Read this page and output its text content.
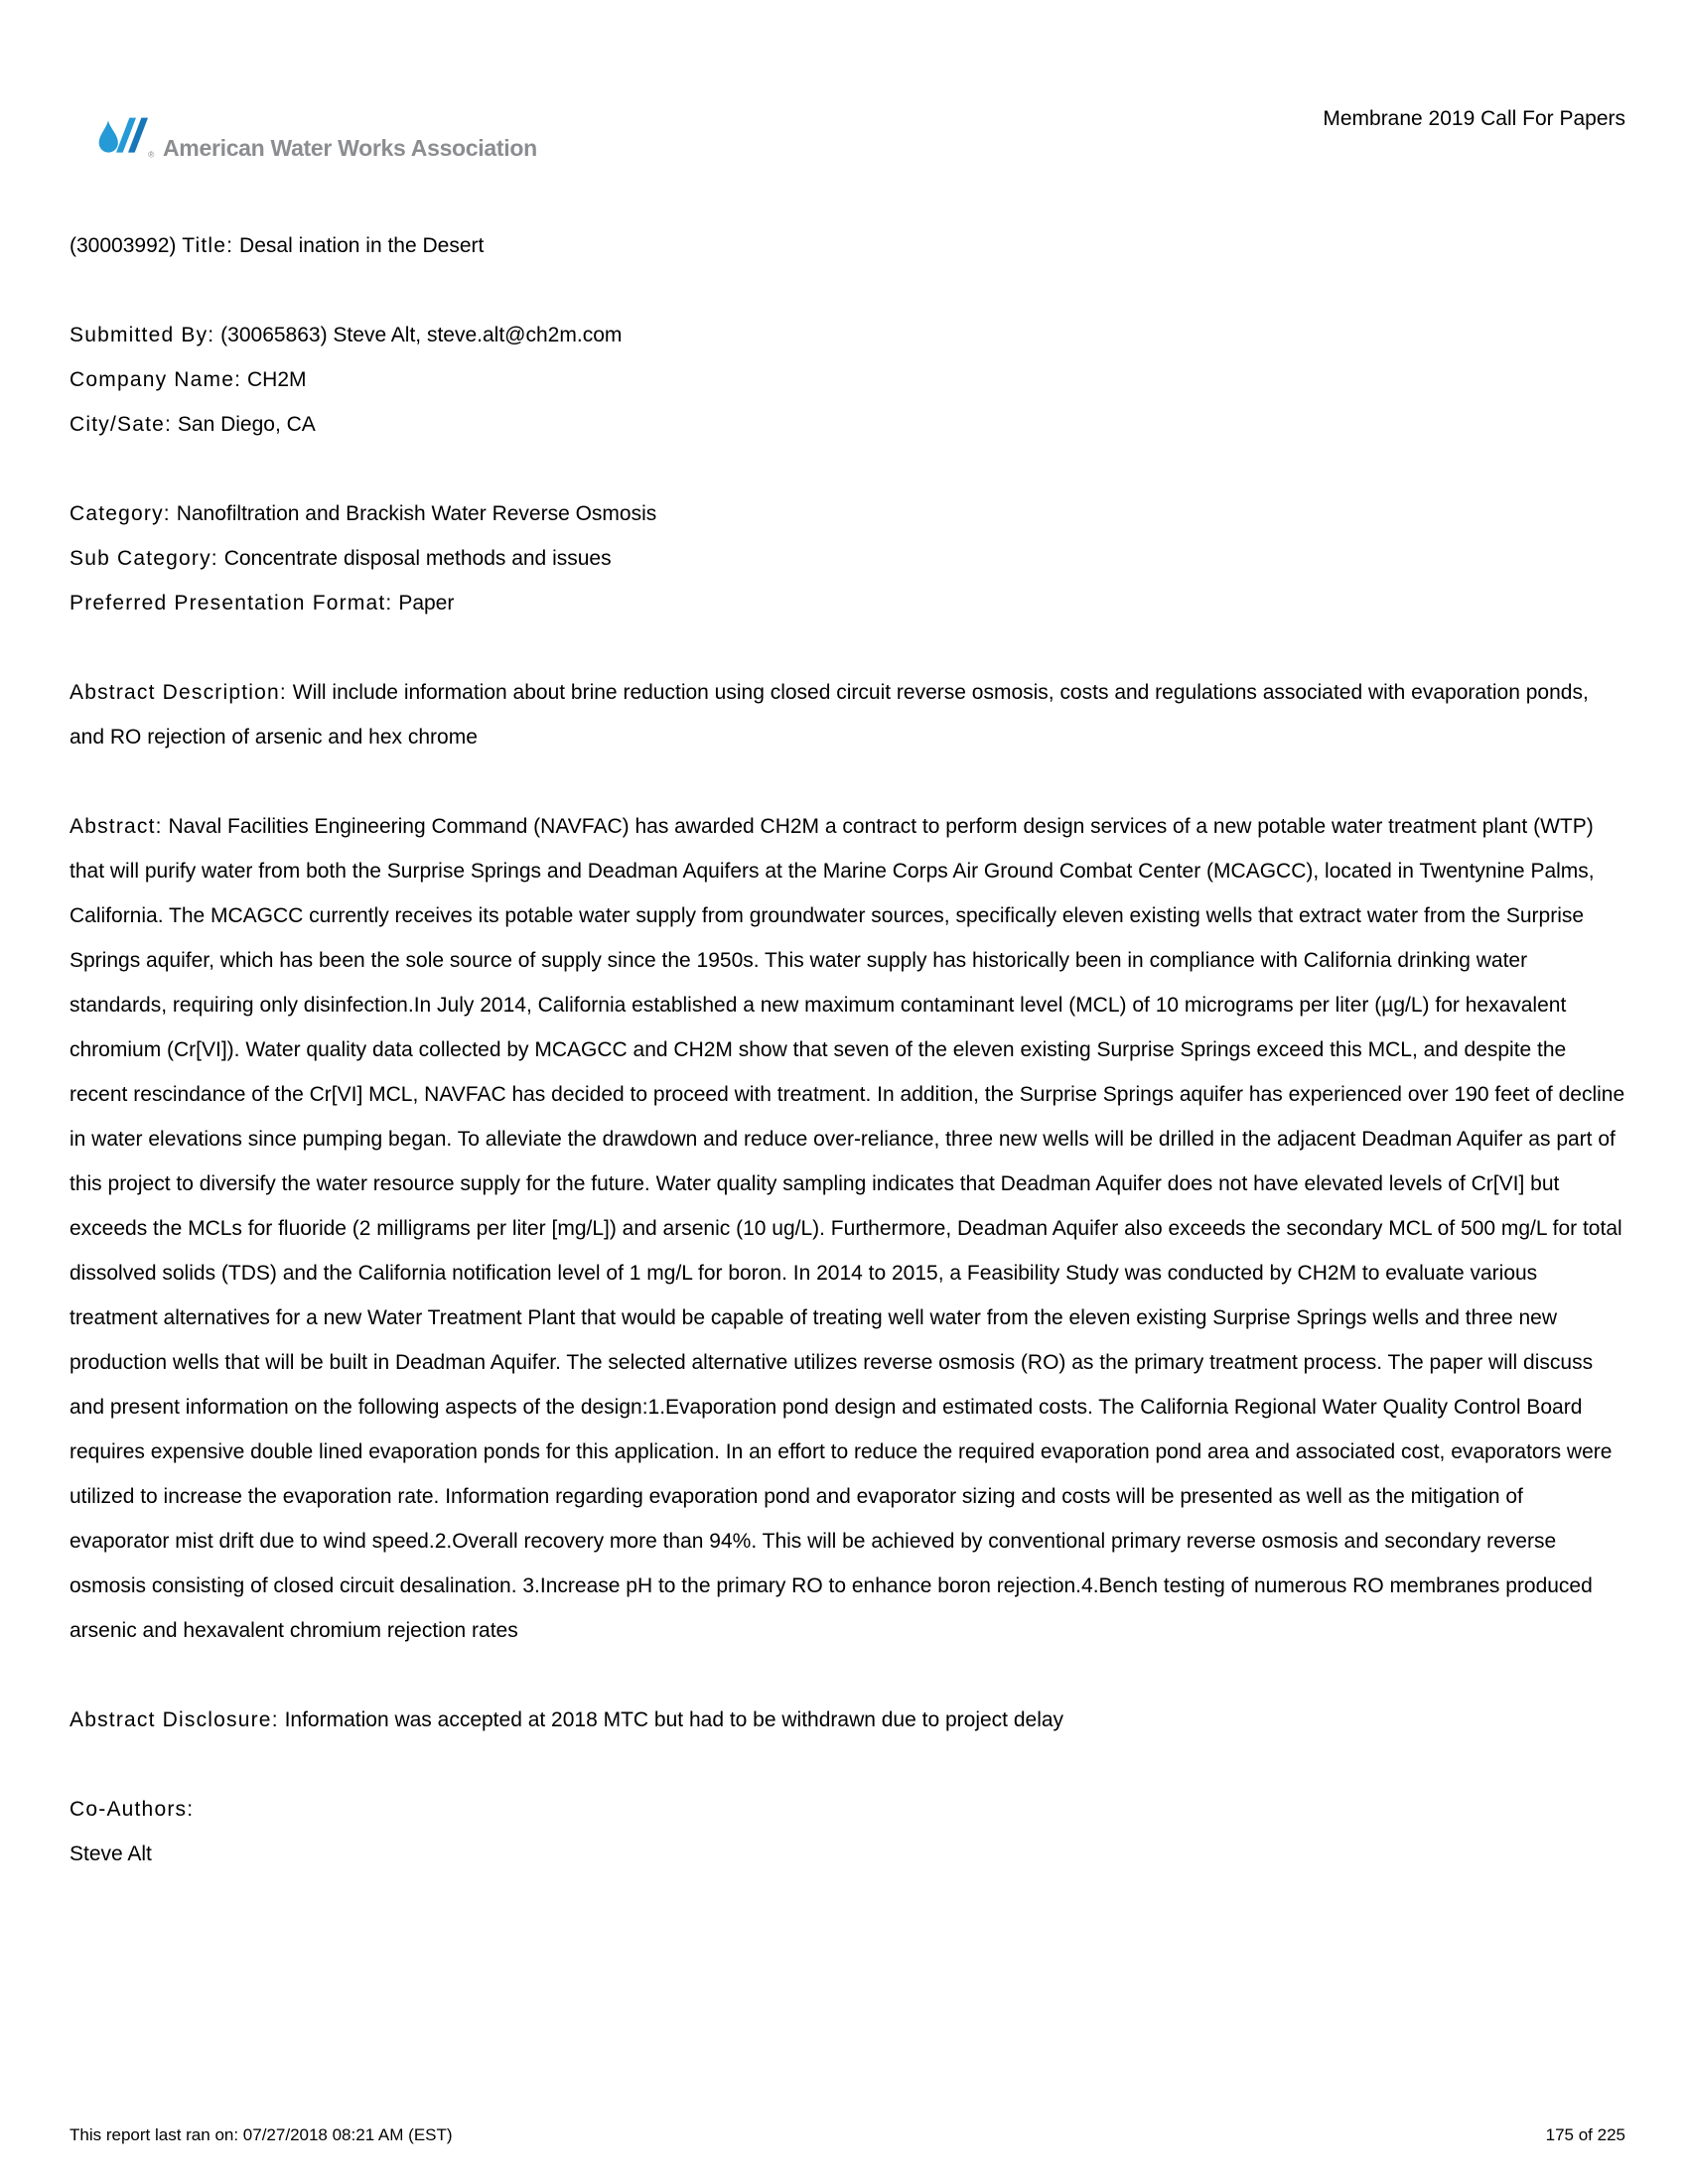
® American Water Works Association
Membrane 2019 Call For Papers
(30003992) Title: Desal ination in the Desert
Submitted By: (30065863) Steve Alt, steve.alt@ch2m.com
Company Name: CH2M
City/Sate: San Diego, CA
Category: Nanofiltration and Brackish Water Reverse Osmosis
Sub Category: Concentrate disposal methods and issues
Preferred Presentation Format: Paper

Abstract Description: Will include information about brine reduction using closed circuit reverse osmosis, costs and regulations associated with evaporation ponds, and RO rejection of arsenic and hex chrome

Abstract: Naval Facilities Engineering Command (NAVFAC) has awarded CH2M a contract to perform design services of a new potable water treatment plant (WTP) that will purify water from both the Surprise Springs and Deadman Aquifers at the Marine Corps Air Ground Combat Center (MCAGCC), located in Twentynine Palms, California. The MCAGCC currently receives its potable water supply from groundwater sources, specifically eleven existing wells that extract water from the Surprise Springs aquifer, which has been the sole source of supply since the 1950s. This water supply has historically been in compliance with California drinking water standards, requiring only disinfection.In July 2014, California established a new maximum contaminant level (MCL) of 10 micrograms per liter (µg/L) for hexavalent chromium (Cr[VI]). Water quality data collected by MCAGCC and CH2M show that seven of the eleven existing Surprise Springs exceed this MCL, and despite the recent rescindance of the Cr[VI] MCL, NAVFAC has decided to proceed with treatment. In addition, the Surprise Springs aquifer has experienced over 190 feet of decline in water elevations since pumping began. To alleviate the drawdown and reduce over-reliance, three new wells will be drilled in the adjacent Deadman Aquifer as part of this project to diversify the water resource supply for the future. Water quality sampling indicates that Deadman Aquifer does not have elevated levels of Cr[VI] but exceeds the MCLs for fluoride (2 milligrams per liter [mg/L]) and arsenic (10 ug/L). Furthermore, Deadman Aquifer also exceeds the secondary MCL of 500 mg/L for total dissolved solids (TDS) and the California notification level of 1 mg/L for boron. In 2014 to 2015, a Feasibility Study was conducted by CH2M to evaluate various treatment alternatives for a new Water Treatment Plant that would be capable of treating well water from the eleven existing Surprise Springs wells and three new production wells that will be built in Deadman Aquifer. The selected alternative utilizes reverse osmosis (RO) as the primary treatment process. The paper will discuss and present information on the following aspects of the design:1.Evaporation pond design and estimated costs. The California Regional Water Quality Control Board requires expensive double lined evaporation ponds for this application. In an effort to reduce the required evaporation pond area and associated cost, evaporators were utilized to increase the evaporation rate. Information regarding evaporation pond and evaporator sizing and costs will be presented as well as the mitigation of evaporator mist drift due to wind speed.2.Overall recovery more than 94%. This will be achieved by conventional primary reverse osmosis and secondary reverse osmosis consisting of closed circuit desalination. 3.Increase pH to the primary RO to enhance boron rejection.4.Bench testing of numerous RO membranes produced arsenic and hexavalent chromium rejection rates

Abstract Disclosure: Information was accepted at 2018 MTC but had to be withdrawn due to project delay

Co-Authors:
Steve Alt
This report last ran on: 07/27/2018 08:21 AM (EST)	175 of 225
